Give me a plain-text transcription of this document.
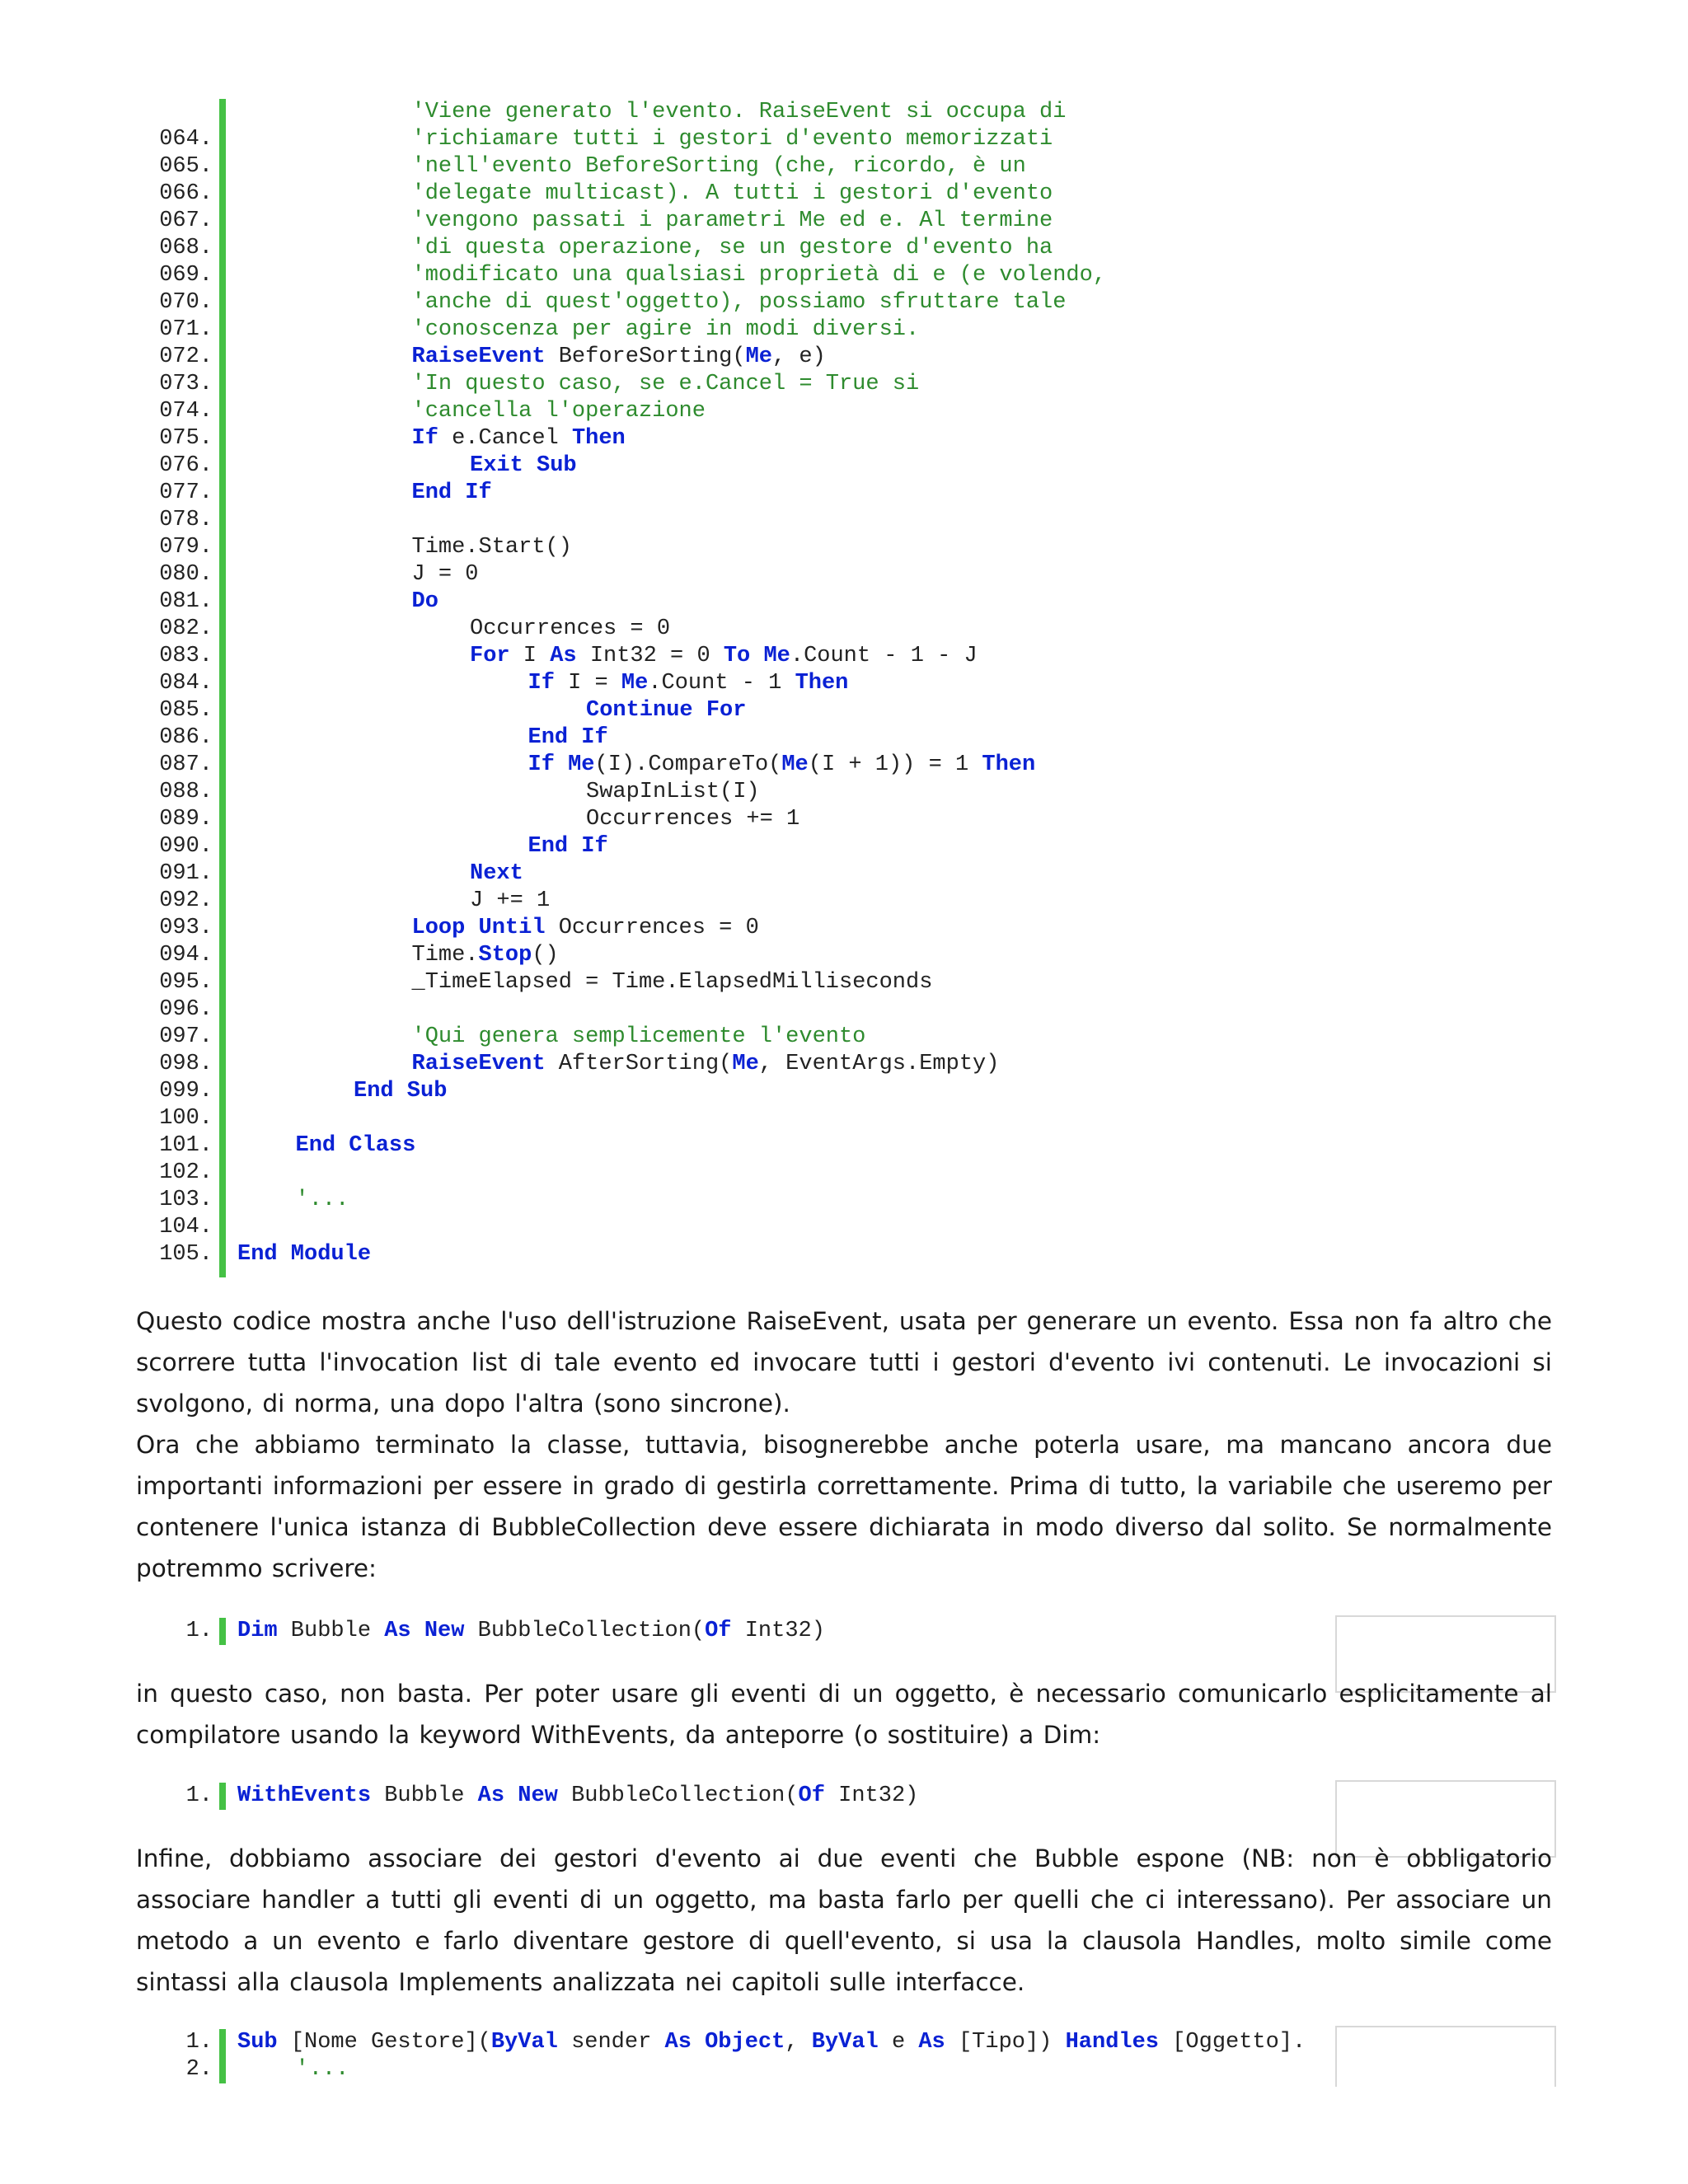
'Viene generato l'evento. RaiseEvent si occupa di
064.	'richiamare tutti i gestori d'evento memorizzati
065.	'nell'evento BeforeSorting (che, ricordo, è un
066.	'delegate multicast). A tutti i gestori d'evento
067.	'vengono passati i parametri Me ed e. Al termine
068.	'di questa operazione, se un gestore d'evento ha
069.	'modificato una qualsiasi proprietà di e (e volendo,
070.	'anche di quest'oggetto), possiamo sfruttare tale
071.	'conoscenza per agire in modi diversi.
072.	RaiseEvent BeforeSorting(Me, e)
073.	'In questo caso, se e.Cancel = True si
074.	'cancella l'operazione
075.	If e.Cancel Then
076.	Exit Sub
077.	End If
078.
079.	Time.Start()
080.	J = 0
081.	Do
082.	Occurrences = 0
083.	For I As Int32 = 0 To Me.Count - 1 - J
084.	If I = Me.Count - 1 Then
085.	Continue For
086.	End If
087.	If Me(I).CompareTo(Me(I + 1)) = 1 Then
088.	SwapInList(I)
089.	Occurrences += 1
090.	End If
091.	Next
092.	J += 1
093.	Loop Until Occurrences = 0
094.	Time.Stop()
095.	_TimeElapsed = Time.ElapsedMilliseconds
096.
097.	'Qui genera semplicemente l'evento
098.	RaiseEvent AfterSorting(Me, EventArgs.Empty)
099.	End Sub
100.
101.	End Class
102.
103.	'...
104.
105. End Module

Questo codice mostra anche l'uso dell'istruzione RaiseEvent, usata per generare un evento. Essa non fa altro che scorrere tutta l'invocation list di tale evento ed invocare tutti i gestori d'evento ivi contenuti. Le invocazioni si svolgono, di norma, una dopo l'altra (sono sincrone).

Ora che abbiamo terminato la classe, tuttavia, bisognerebbe anche poterla usare, ma mancano ancora due importanti informazioni per essere in grado di gestirla correttamente. Prima di tutto, la variabile che useremo per contenere l'unica istanza di BubbleCollection deve essere dichiarata in modo diverso dal solito. Se normalmente potremmo scrivere:

1. Dim Bubble As New BubbleCollection(Of Int32)

in questo caso, non basta. Per poter usare gli eventi di un oggetto, è necessario comunicarlo esplicitamente al compilatore usando la keyword WithEvents, da anteporre (o sostituire) a Dim:

1. WithEvents Bubble As New BubbleCollection(Of Int32)

Infine, dobbiamo associare dei gestori d'evento ai due eventi che Bubble espone (NB: non è obbligatorio associare handler a tutti gli eventi di un oggetto, ma basta farlo per quelli che ci interessano). Per associare un metodo a un evento e farlo diventare gestore di quell'evento, si usa la clausola Handles, molto simile come sintassi alla clausola Implements analizzata nei capitoli sulle interfacce.

1. Sub [Nome Gestore](ByVal sender As Object, ByVal e As [Tipo]) Handles [Oggetto].
2.	'...
